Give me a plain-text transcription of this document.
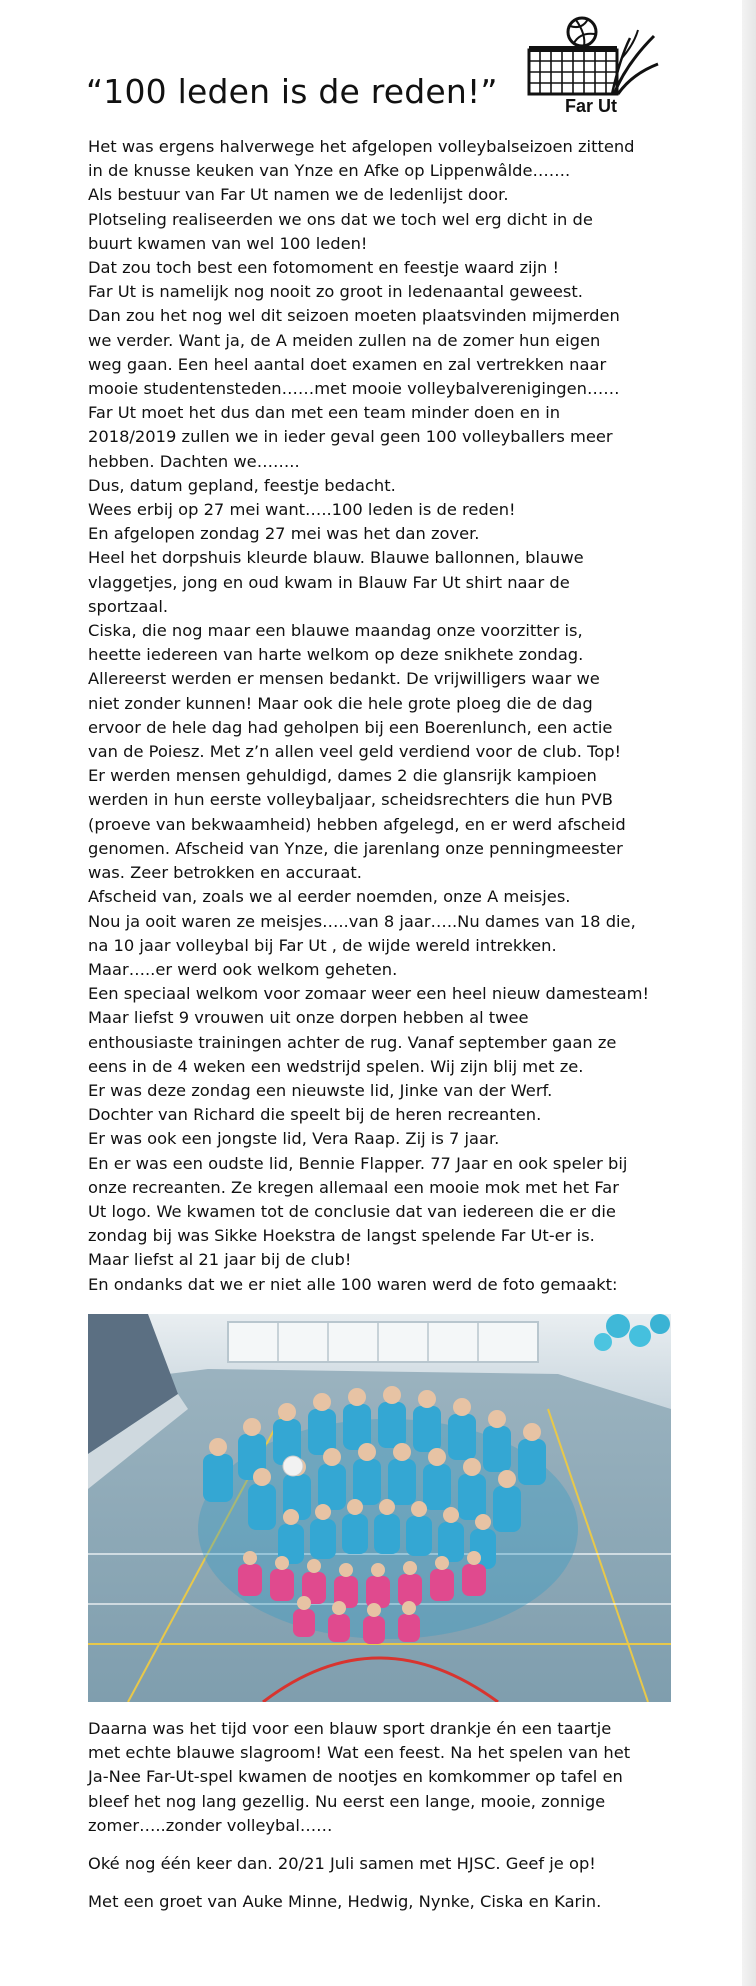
“100 leden is de reden!”	Far Ut

Het was ergens halverwege het afgelopen volleybalseizoen zittend

in de knusse keuken van Ynze en Afke op Lippenwâlde…….

Als bestuur van Far Ut namen we de ledenlijst door.

Plotseling realiseerden we ons dat we toch wel erg dicht in de

buurt kwamen van wel 100 leden!

Dat zou toch best een fotomoment en feestje waard zijn !

Far Ut is namelijk nog nooit zo groot in ledenaantal geweest.

Dan zou het nog wel dit seizoen moeten plaatsvinden mijmerden

we verder. Want ja, de A meiden zullen na de zomer hun eigen

weg gaan. Een heel aantal doet examen en zal vertrekken naar

mooie studentensteden……met mooie volleybalverenigingen……

Far Ut moet het dus dan met een team minder doen en in

2018/2019 zullen we in ieder geval geen 100 volleyballers meer

hebben. Dachten we……..

Dus, datum gepland, feestje bedacht.

Wees erbij op 27 mei want…..100 leden is de reden!

En afgelopen zondag 27 mei was het dan zover.

Heel het dorpshuis kleurde blauw. Blauwe ballonnen, blauwe

vlaggetjes, jong en oud kwam in Blauw Far Ut shirt naar de

sportzaal.

Ciska, die nog maar een blauwe maandag onze voorzitter is,

heette iedereen van harte welkom op deze snikhete zondag.

Allereerst werden er mensen bedankt. De vrijwilligers waar we

niet zonder kunnen! Maar ook die hele grote ploeg die de dag

ervoor de hele dag had geholpen bij een Boerenlunch, een actie

van de Poiesz. Met z’n allen veel geld verdiend voor de club. Top!

Er werden mensen gehuldigd, dames 2 die glansrijk kampioen

werden in hun eerste volleybaljaar, scheidsrechters die hun PVB

(proeve van bekwaamheid) hebben afgelegd, en er werd afscheid

genomen. Afscheid van Ynze, die jarenlang onze penningmeester

was. Zeer betrokken en accuraat.

Afscheid van, zoals we al eerder noemden, onze A meisjes.

Nou ja ooit waren ze meisjes…..van 8 jaar…..Nu dames van 18 die,

na 10 jaar volleybal bij Far Ut , de wijde wereld intrekken.

Maar…..er werd ook welkom geheten.

Een speciaal welkom voor zomaar weer een heel nieuw damesteam!

Maar liefst 9 vrouwen uit onze dorpen hebben al twee

enthousiaste trainingen achter de rug. Vanaf september gaan ze

eens in de 4 weken een wedstrijd spelen. Wij zijn blij met ze.

Er was deze zondag een nieuwste lid, Jinke van der Werf.

Dochter van Richard die speelt bij de heren recreanten.

Er was ook een jongste lid, Vera Raap. Zij is 7 jaar.

En er was een oudste lid, Bennie Flapper. 77 Jaar en ook speler bij

onze recreanten. Ze kregen allemaal een mooie mok met het Far

Ut logo. We kwamen tot de conclusie dat van iedereen die er die

zondag bij was Sikke Hoekstra de langst spelende Far Ut-er is.

Maar liefst al 21 jaar bij de club!

En ondanks dat we er niet alle 100 waren werd de foto gemaakt:

Daarna was het tijd voor een blauw sport drankje én een taartje

met echte blauwe slagroom! Wat een feest. Na het spelen van het

Ja-Nee Far-Ut-spel kwamen de nootjes en komkommer op tafel en

bleef het nog lang gezellig. Nu eerst een lange, mooie, zonnige

zomer…..zonder volleybal……

Oké nog één keer dan. 20/21 Juli samen met HJSC. Geef je op!

Met een groet van Auke Minne, Hedwig, Nynke, Ciska en Karin.
